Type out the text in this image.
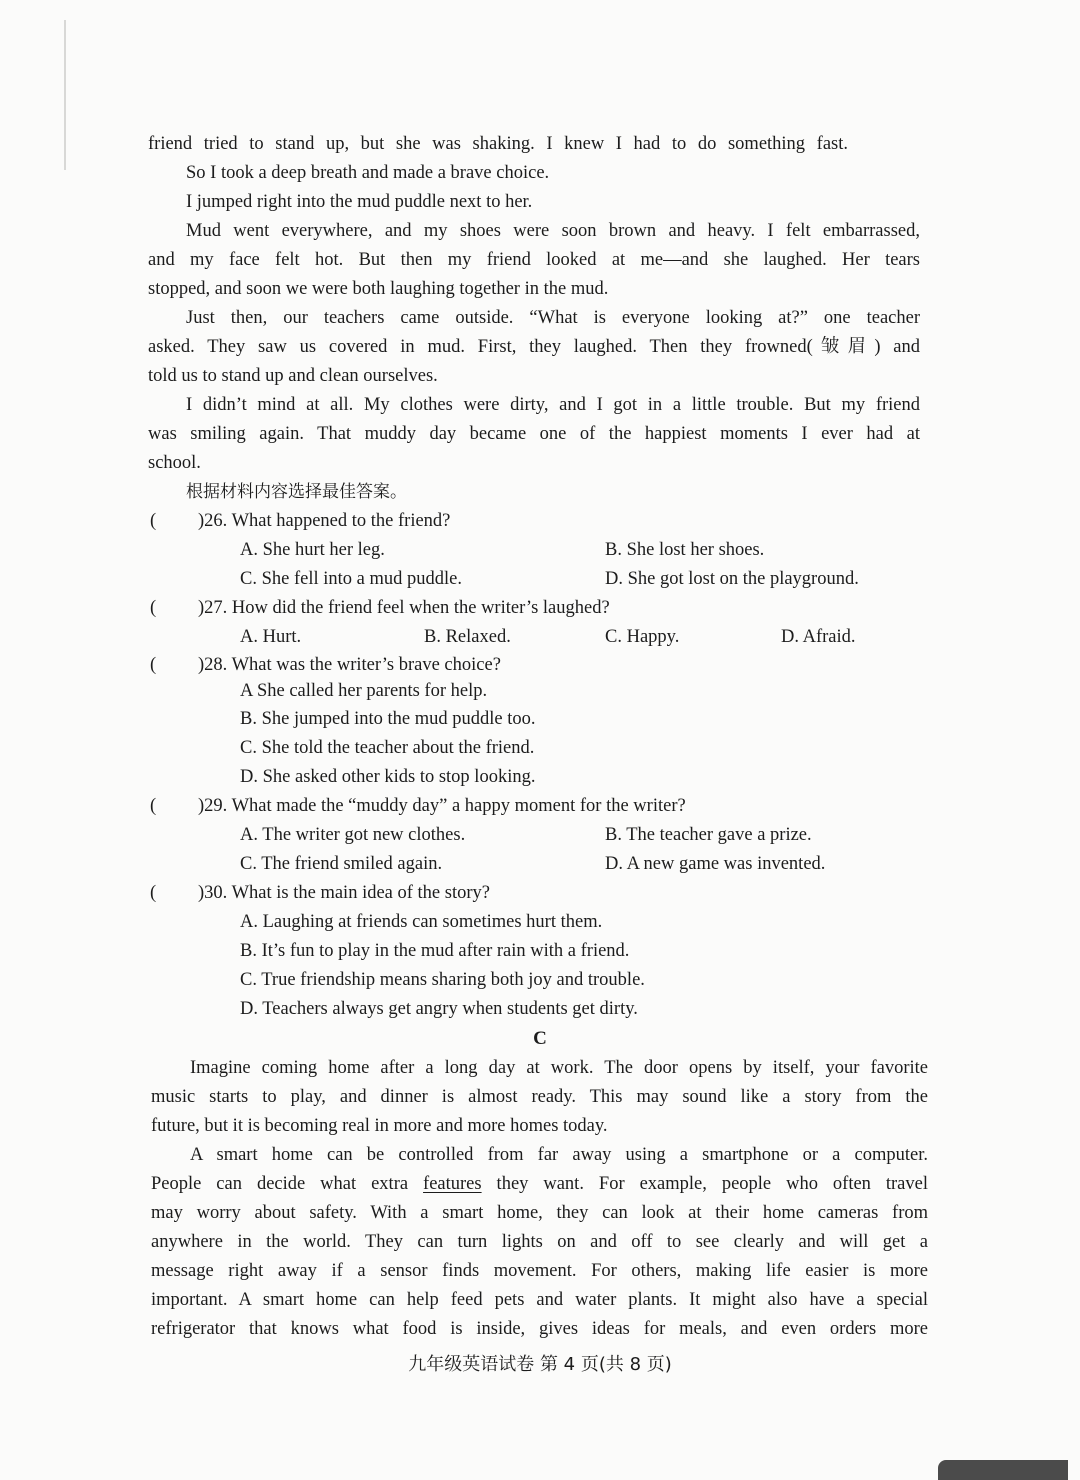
friend tried to stand up, but she was shaking. I knew I had to do something fast.
So I took a deep breath and made a brave choice.
I jumped right into the mud puddle next to her.
Mud went everywhere, and my shoes were soon brown and heavy. I felt embarrassed,
and my face felt hot. But then my friend looked at me—and she laughed. Her tears
stopped, and soon we were both laughing together in the mud.
Just then, our teachers came outside. “What is everyone looking at?” one teacher
asked. They saw us covered in mud. First, they laughed. Then they frowned(皱眉) and
told us to stand up and clean ourselves.
I didn’t mind at all. My clothes were dirty, and I got in a little trouble. But my friend
was smiling again. That muddy day became one of the happiest moments I ever had at
school.
根据材料内容选择最佳答案。
( )26. What happened to the friend?
A. She hurt her leg.	B. She lost her shoes.
C. She fell into a mud puddle.	D. She got lost on the playground.
( )27. How did the friend feel when the writer’s laughed?
A. Hurt.	B. Relaxed.	C. Happy.	D. Afraid.
( )28. What was the writer’s brave choice?
A She called her parents for help.
B. She jumped into the mud puddle too.
C. She told the teacher about the friend.
D. She asked other kids to stop looking.
( )29. What made the “muddy day” a happy moment for the writer?
A. The writer got new clothes.	B. The teacher gave a prize.
C. The friend smiled again.	D. A new game was invented.
( )30. What is the main idea of the story?
A. Laughing at friends can sometimes hurt them.
B. It’s fun to play in the mud after rain with a friend.
C. True friendship means sharing both joy and trouble.
D. Teachers always get angry when students get dirty.
C
Imagine coming home after a long day at work. The door opens by itself, your favorite
music starts to play, and dinner is almost ready. This may sound like a story from the
future, but it is becoming real in more and more homes today.
A smart home can be controlled from far away using a smartphone or a computer.
People can decide what extra features they want. For example, people who often travel
may worry about safety. With a smart home, they can look at their home cameras from
anywhere in the world. They can turn lights on and off to see clearly and will get a
message right away if a sensor finds movement. For others, making life easier is more
important. A smart home can help feed pets and water plants. It might also have a special
refrigerator that knows what food is inside, gives ideas for meals, and even orders more
九年级英语试卷 第 4 页(共 8 页)
